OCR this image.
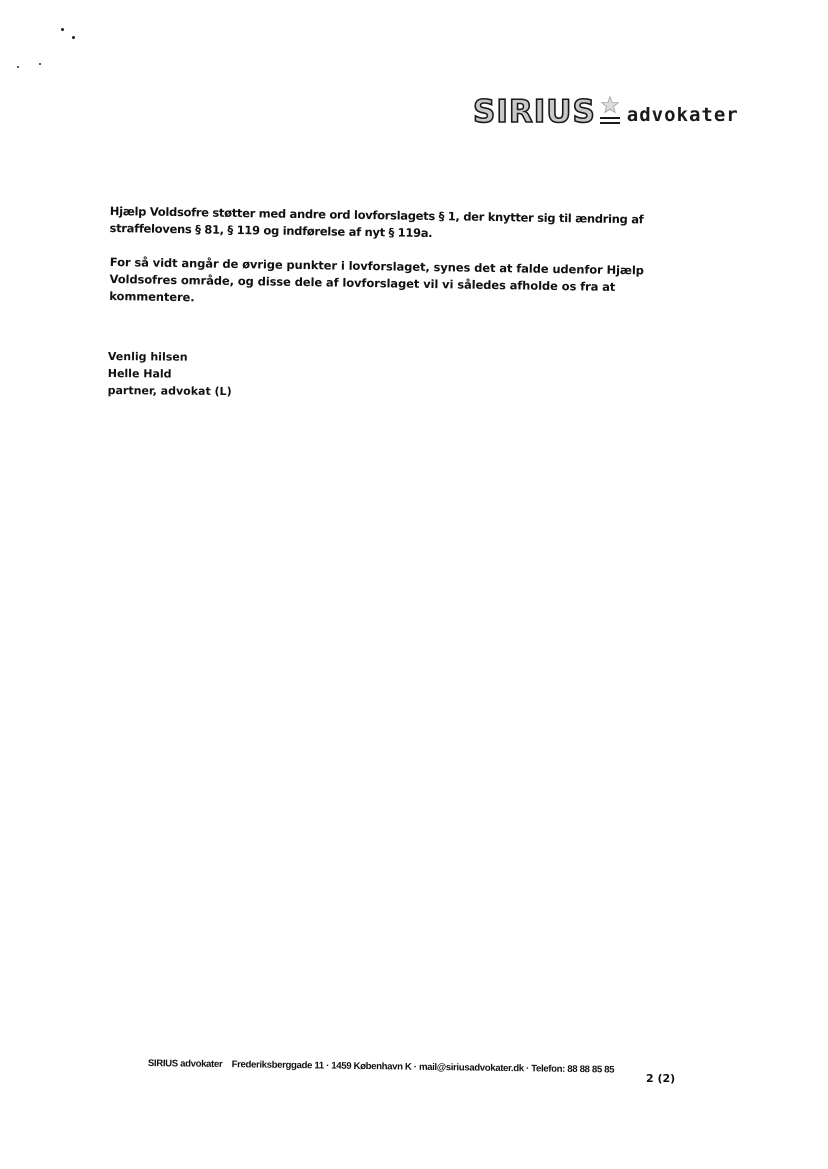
SIRIUS advokater

Hjælp Voldsofre støtter med andre ord lovforslagets § 1, der knytter sig til ændring af straffelovens § 81, § 119 og indførelse af nyt § 119a.

For så vidt angår de øvrige punkter i lovforslaget, synes det at falde udenfor Hjælp Voldsofres område, og disse dele af lovforslaget vil vi således afholde os fra at kommentere.

Venlig hilsen
Helle Hald
partner, advokat (L)
SIRIUS advokater Frederiksberggade 11 · 1459 København K · mail@siriusadvokater.dk · Telefon: 88 88 85 85
2 (2)
